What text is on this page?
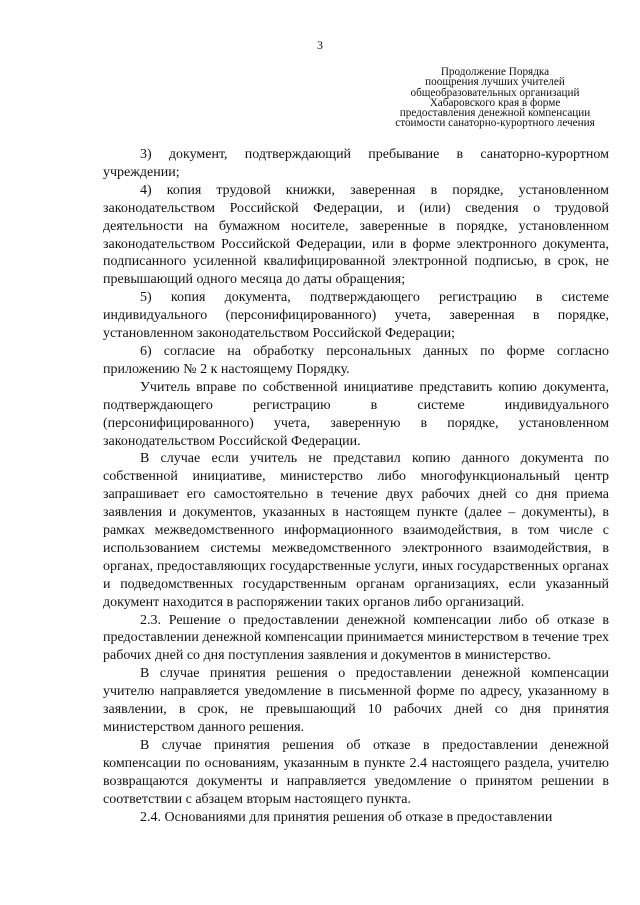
3
Продолжение Порядка
поощрения лучших учителей
общеобразовательных организаций
Хабаровского края в форме
предоставления денежной компенсации
стоимости санаторно-курортного лечения

3) документ, подтверждающий пребывание в санаторно-курортном учреждении;

4) копия трудовой книжки, заверенная в порядке, установленном законодательством Российской Федерации, и (или) сведения о трудовой деятельности на бумажном носителе, заверенные в порядке, установленном законодательством Российской Федерации, или в форме электронного документа, подписанного усиленной квалифицированной электронной подписью, в срок, не превышающий одного месяца до даты обращения;

5) копия документа, подтверждающего регистрацию в системе индивидуального (персонифицированного) учета, заверенная в порядке, установленном законодательством Российской Федерации;

6) согласие на обработку персональных данных по форме согласно приложению № 2 к настоящему Порядку.

Учитель вправе по собственной инициативе представить копию документа, подтверждающего регистрацию в системе индивидуального (персонифицированного) учета, заверенную в порядке, установленном законодательством Российской Федерации.

В случае если учитель не представил копию данного документа по собственной инициативе, министерство либо многофункциональный центр запрашивает его самостоятельно в течение двух рабочих дней со дня приема заявления и документов, указанных в настоящем пункте (далее – документы), в рамках межведомственного информационного взаимодействия, в том числе с использованием системы межведомственного электронного взаимодействия, в органах, предоставляющих государственные услуги, иных государственных органах и подведомственных государственным органам организациях, если указанный документ находится в распоряжении таких органов либо организаций.

2.3. Решение о предоставлении денежной компенсации либо об отказе в предоставлении денежной компенсации принимается министерством в течение трех рабочих дней со дня поступления заявления и документов в министерство.

В случае принятия решения о предоставлении денежной компенсации учителю направляется уведомление в письменной форме по адресу, указанному в заявлении, в срок, не превышающий 10 рабочих дней со дня принятия министерством данного решения.

В случае принятия решения об отказе в предоставлении денежной компенсации по основаниям, указанным в пункте 2.4 настоящего раздела, учителю возвращаются документы и направляется уведомление о принятом решении в соответствии с абзацем вторым настоящего пункта.

2.4. Основаниями для принятия решения об отказе в предоставлении
